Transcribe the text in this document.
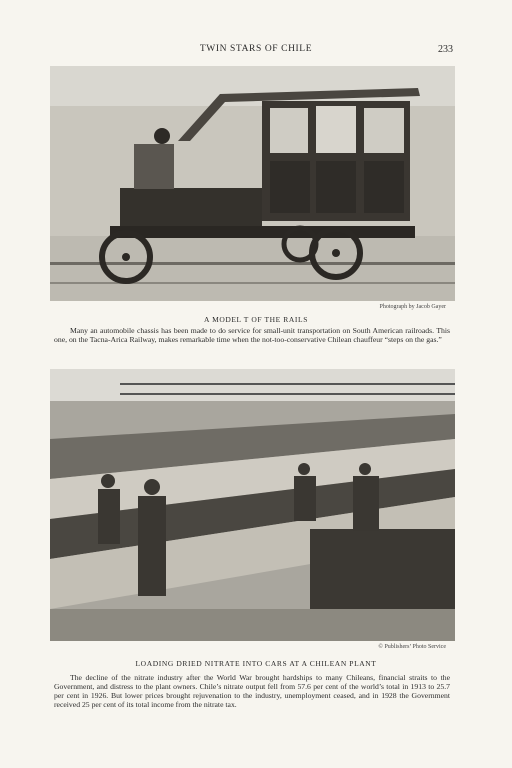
TWIN STARS OF CHILE	233
Photograph by Jacob Gayer
A MODEL T OF THE RAILS
Many an automobile chassis has been made to do service for small-unit transportation on South American railroads. This one, on the Tacna-Arica Railway, makes remarkable time when the not-too-conservative Chilean chauffeur “steps on the gas.”
© Publishers’ Photo Service
LOADING DRIED NITRATE INTO CARS AT A CHILEAN PLANT
The decline of the nitrate industry after the World War brought hardships to many Chileans, financial straits to the Government, and distress to the plant owners. Chile’s nitrate output fell from 57.6 per cent of the world’s total in 1913 to 25.7 per cent in 1926. But lower prices brought rejuvenation to the industry, unemployment ceased, and in 1928 the Government received 25 per cent of its total income from the nitrate tax.
